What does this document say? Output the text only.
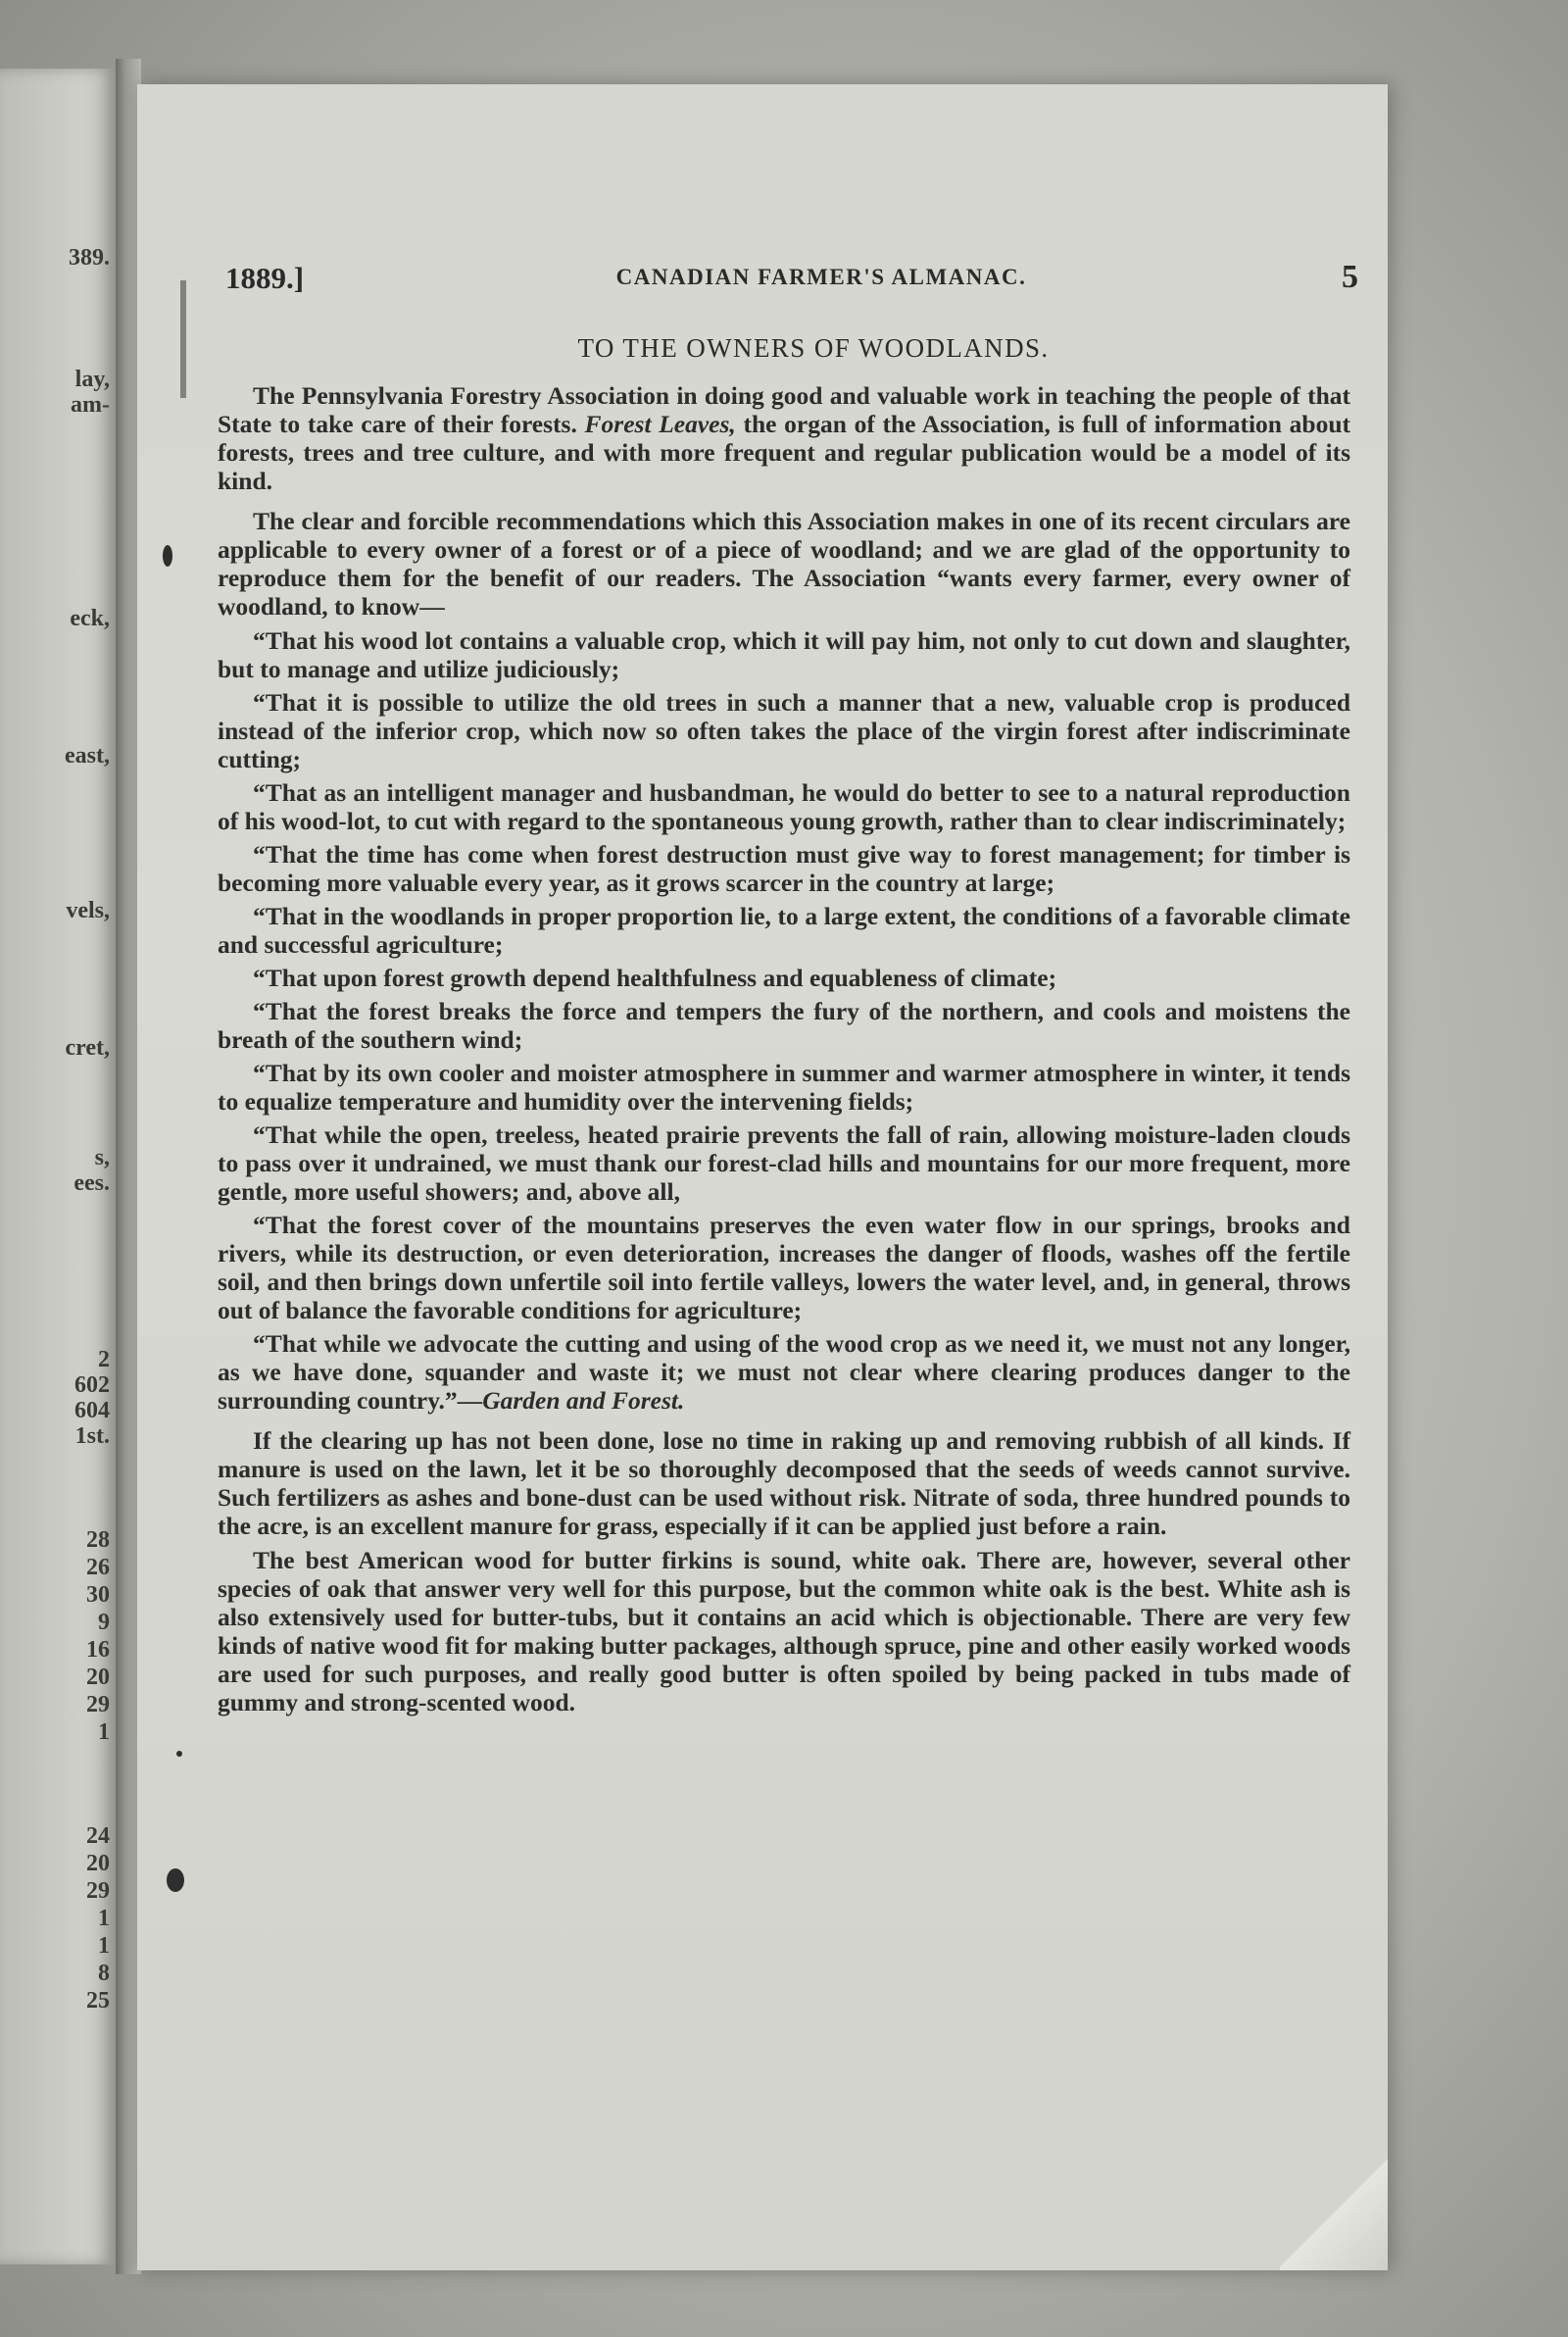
389.
lay,
am-
eck,
east,
vels,
cret,
s,
ees.
2
602
604
1st.
28
26
30
9
16
20
29
1
24
20
29
1
1
8
25
1889.]	CANADIAN FARMER'S ALMANAC.	5
TO THE OWNERS OF WOODLANDS.

The Pennsylvania Forestry Association in doing good and valuable work in teaching the people of that State to take care of their forests. Forest Leaves, the organ of the Association, is full of information about forests, trees and tree culture, and with more frequent and regular publication would be a model of its kind.

The clear and forcible recommendations which this Association makes in one of its recent circulars are applicable to every owner of a forest or of a piece of woodland; and we are glad of the opportunity to reproduce them for the benefit of our readers. The Association “wants every farmer, every owner of woodland, to know—

“That his wood lot contains a valuable crop, which it will pay him, not only to cut down and slaughter, but to manage and utilize judiciously;

“That it is possible to utilize the old trees in such a manner that a new, valuable crop is produced instead of the inferior crop, which now so often takes the place of the virgin forest after indiscriminate cutting;

“That as an intelligent manager and husbandman, he would do better to see to a natural reproduction of his wood-lot, to cut with regard to the spontaneous young growth, rather than to clear indiscriminately;

“That the time has come when forest destruction must give way to forest management; for timber is becoming more valuable every year, as it grows scarcer in the country at large;

“That in the woodlands in proper proportion lie, to a large extent, the conditions of a favorable climate and successful agriculture;

“That upon forest growth depend healthfulness and equableness of climate;

“That the forest breaks the force and tempers the fury of the northern, and cools and moistens the breath of the southern wind;

“That by its own cooler and moister atmosphere in summer and warmer atmosphere in winter, it tends to equalize temperature and humidity over the intervening fields;

“That while the open, treeless, heated prairie prevents the fall of rain, allowing moisture-laden clouds to pass over it undrained, we must thank our forest-clad hills and mountains for our more frequent, more gentle, more useful showers; and, above all,

“That the forest cover of the mountains preserves the even water flow in our springs, brooks and rivers, while its destruction, or even deterioration, increases the danger of floods, washes off the fertile soil, and then brings down unfertile soil into fertile valleys, lowers the water level, and, in general, throws out of balance the favorable conditions for agriculture;

“That while we advocate the cutting and using of the wood crop as we need it, we must not any longer, as we have done, squander and waste it; we must not clear where clearing produces danger to the surrounding country.”—Garden and Forest.

If the clearing up has not been done, lose no time in raking up and removing rubbish of all kinds. If manure is used on the lawn, let it be so thoroughly decomposed that the seeds of weeds cannot survive. Such fertilizers as ashes and bone-dust can be used without risk. Nitrate of soda, three hundred pounds to the acre, is an excellent manure for grass, especially if it can be applied just before a rain.

The best American wood for butter firkins is sound, white oak. There are, however, several other species of oak that answer very well for this purpose, but the common white oak is the best. White ash is also extensively used for butter-tubs, but it contains an acid which is objectionable. There are very few kinds of native wood fit for making butter packages, although spruce, pine and other easily worked woods are used for such purposes, and really good butter is often spoiled by being packed in tubs made of gummy and strong-scented wood.
